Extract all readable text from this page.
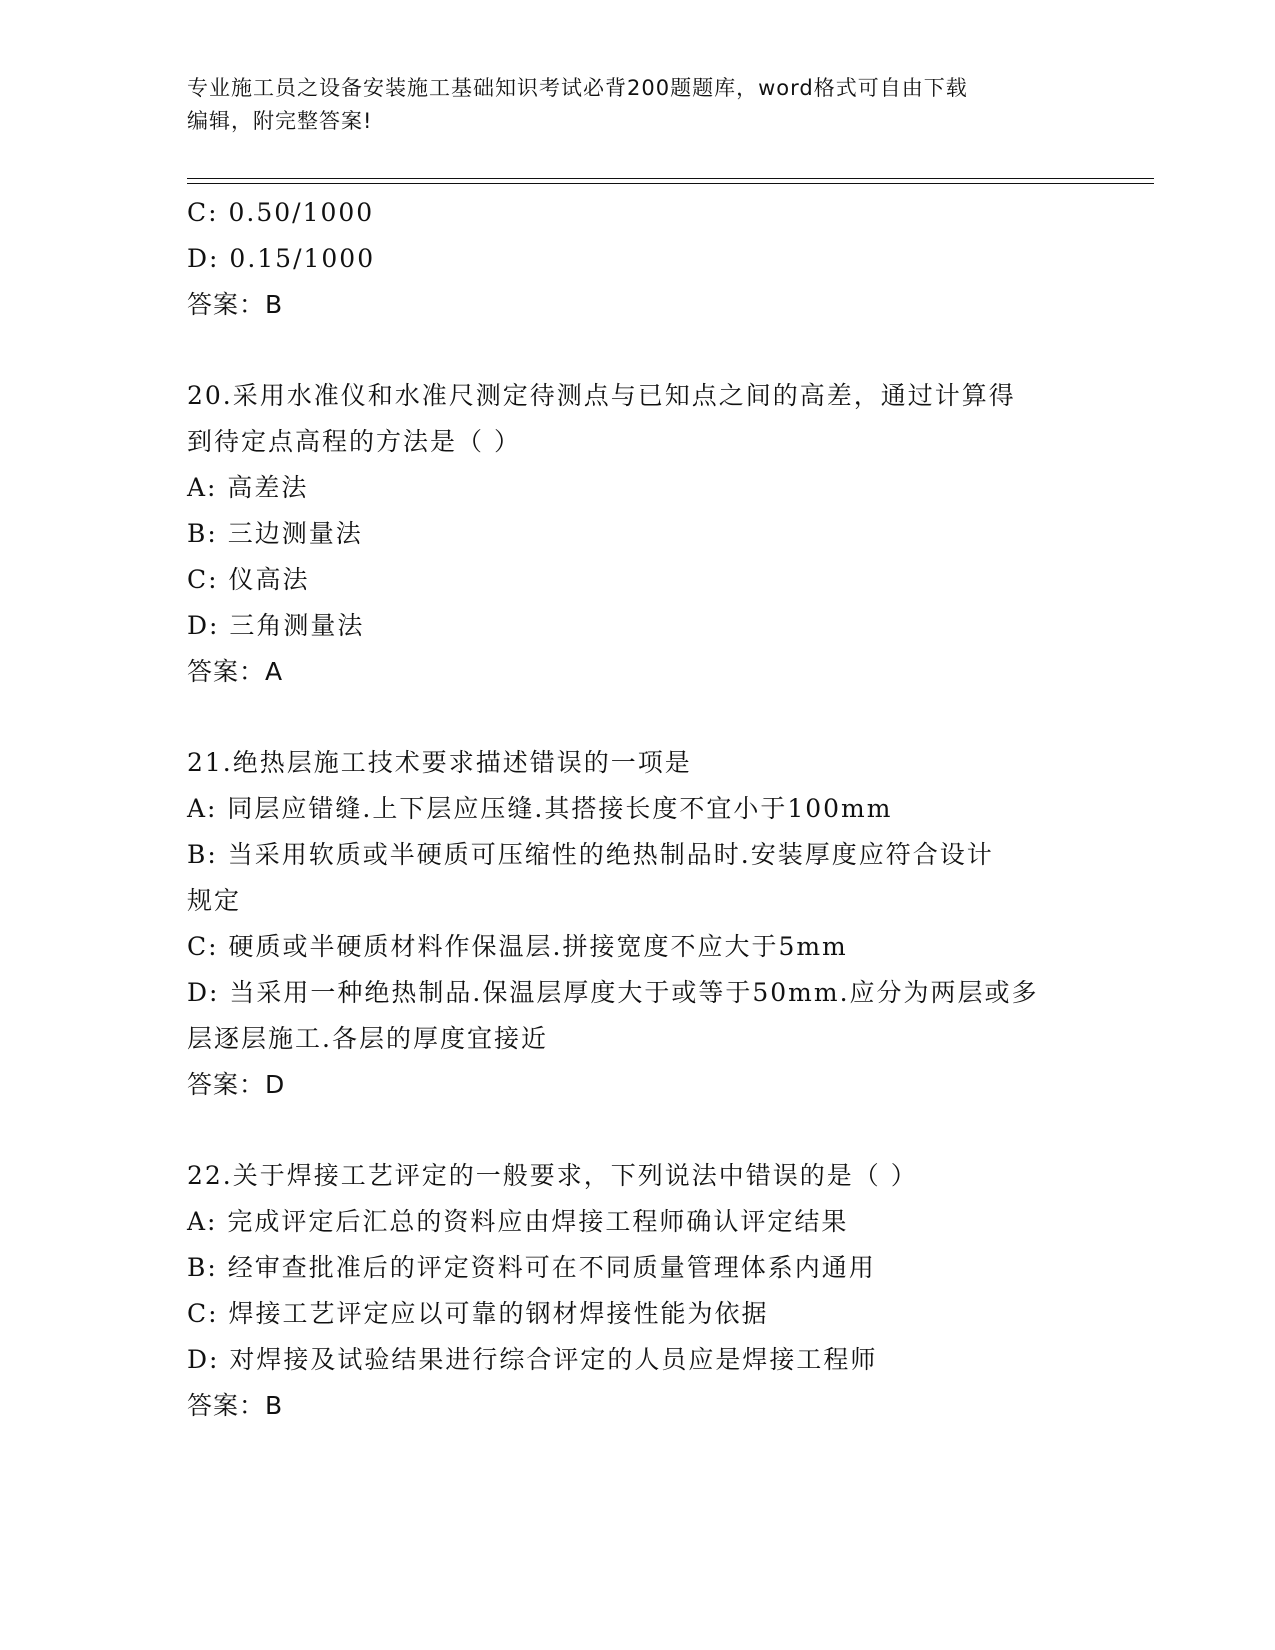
专业施工员之设备安装施工基础知识考试必背200题题库，word格式可自由下载
编辑，附完整答案!
C: 0.50/1000
D: 0.15/1000
答案：B
20.采用水准仪和水准尺测定待测点与已知点之间的高差，通过计算得
到待定点高程的方法是（ ）
A: 高差法
B: 三边测量法
C: 仪高法
D: 三角测量法
答案：A
21.绝热层施工技术要求描述错误的一项是
A: 同层应错缝.上下层应压缝.其搭接长度不宜小于100mm
B: 当采用软质或半硬质可压缩性的绝热制品时.安装厚度应符合设计
规定
C: 硬质或半硬质材料作保温层.拼接宽度不应大于5mm
D: 当采用一种绝热制品.保温层厚度大于或等于50mm.应分为两层或多
层逐层施工.各层的厚度宜接近
答案：D
22.关于焊接工艺评定的一般要求，下列说法中错误的是（ ）
A: 完成评定后汇总的资料应由焊接工程师确认评定结果
B: 经审查批准后的评定资料可在不同质量管理体系内通用
C: 焊接工艺评定应以可靠的钢材焊接性能为依据
D: 对焊接及试验结果进行综合评定的人员应是焊接工程师
答案：B
